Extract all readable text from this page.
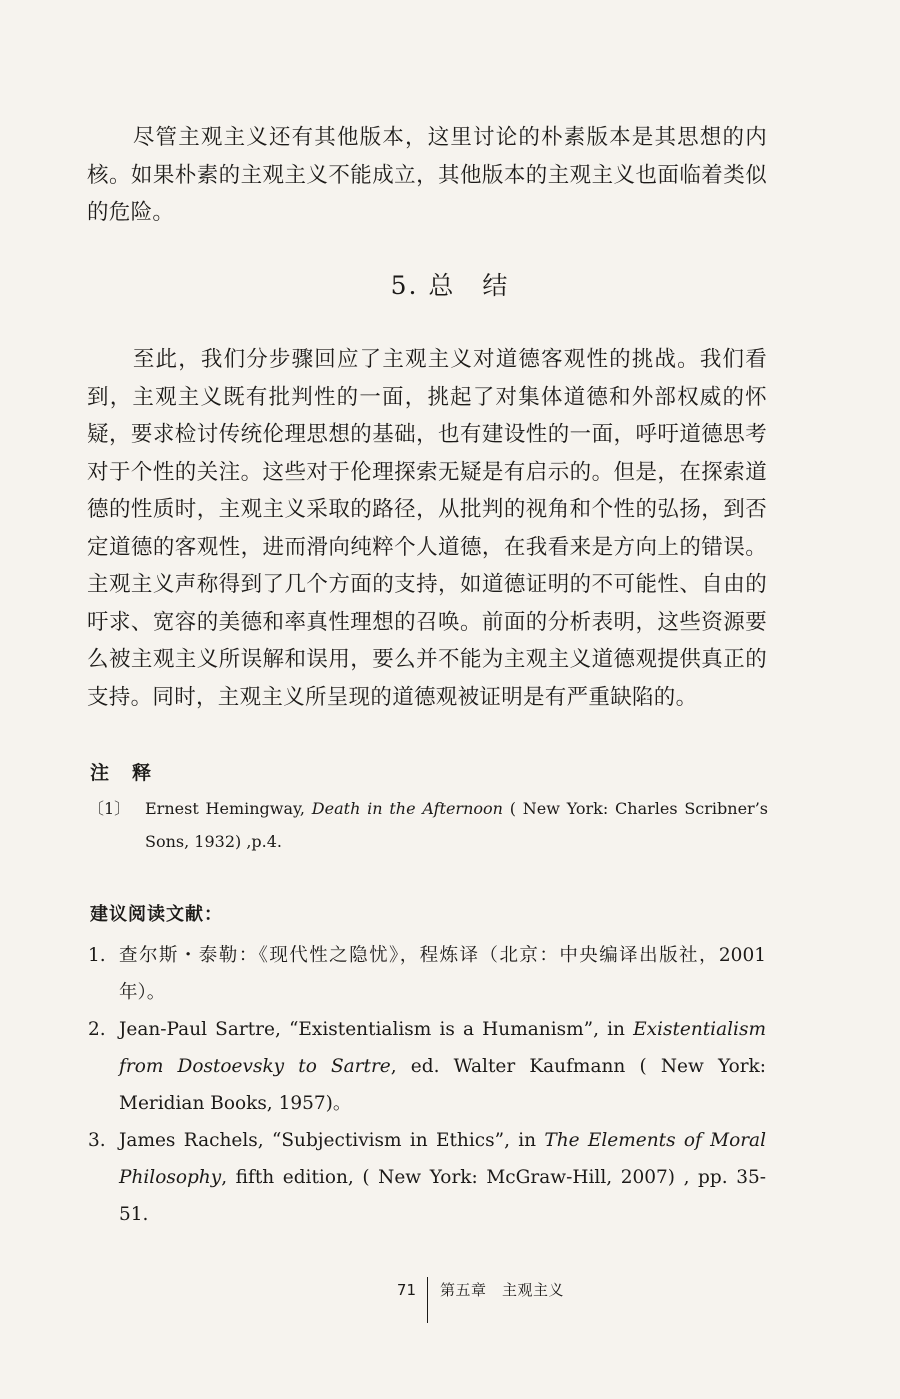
尽管主观主义还有其他版本，这里讨论的朴素版本是其思想的内核。如果朴素的主观主义不能成立，其他版本的主观主义也面临着类似的危险。
5. 总　结
至此，我们分步骤回应了主观主义对道德客观性的挑战。我们看到，主观主义既有批判性的一面，挑起了对集体道德和外部权威的怀疑，要求检讨传统伦理思想的基础，也有建设性的一面，呼吁道德思考对于个性的关注。这些对于伦理探索无疑是有启示的。但是，在探索道德的性质时，主观主义采取的路径，从批判的视角和个性的弘扬，到否定道德的客观性，进而滑向纯粹个人道德，在我看来是方向上的错误。主观主义声称得到了几个方面的支持，如道德证明的不可能性、自由的吁求、宽容的美德和率真性理想的召唤。前面的分析表明，这些资源要么被主观主义所误解和误用，要么并不能为主观主义道德观提供真正的支持。同时，主观主义所呈现的道德观被证明是有严重缺陷的。
注　释
〔1〕 Ernest Hemingway, Death in the Afternoon ( New York: Charles Scribner’s Sons, 1932) ,p.4.
建议阅读文献：
1. 查尔斯・泰勒：《现代性之隐忧》，程炼译（北京：中央编译出版社，2001 年）。
2. Jean-Paul Sartre, “Existentialism is a Humanism”, in Existentialism from Dostoevsky to Sartre, ed. Walter Kaufmann ( New York: Meridian Books, 1957)。
3. James Rachels, “Subjectivism in Ethics”, in The Elements of Moral Philosophy, fifth edition, ( New York: McGraw-Hill, 2007) , pp. 35-51.
71 第五章　主观主义
